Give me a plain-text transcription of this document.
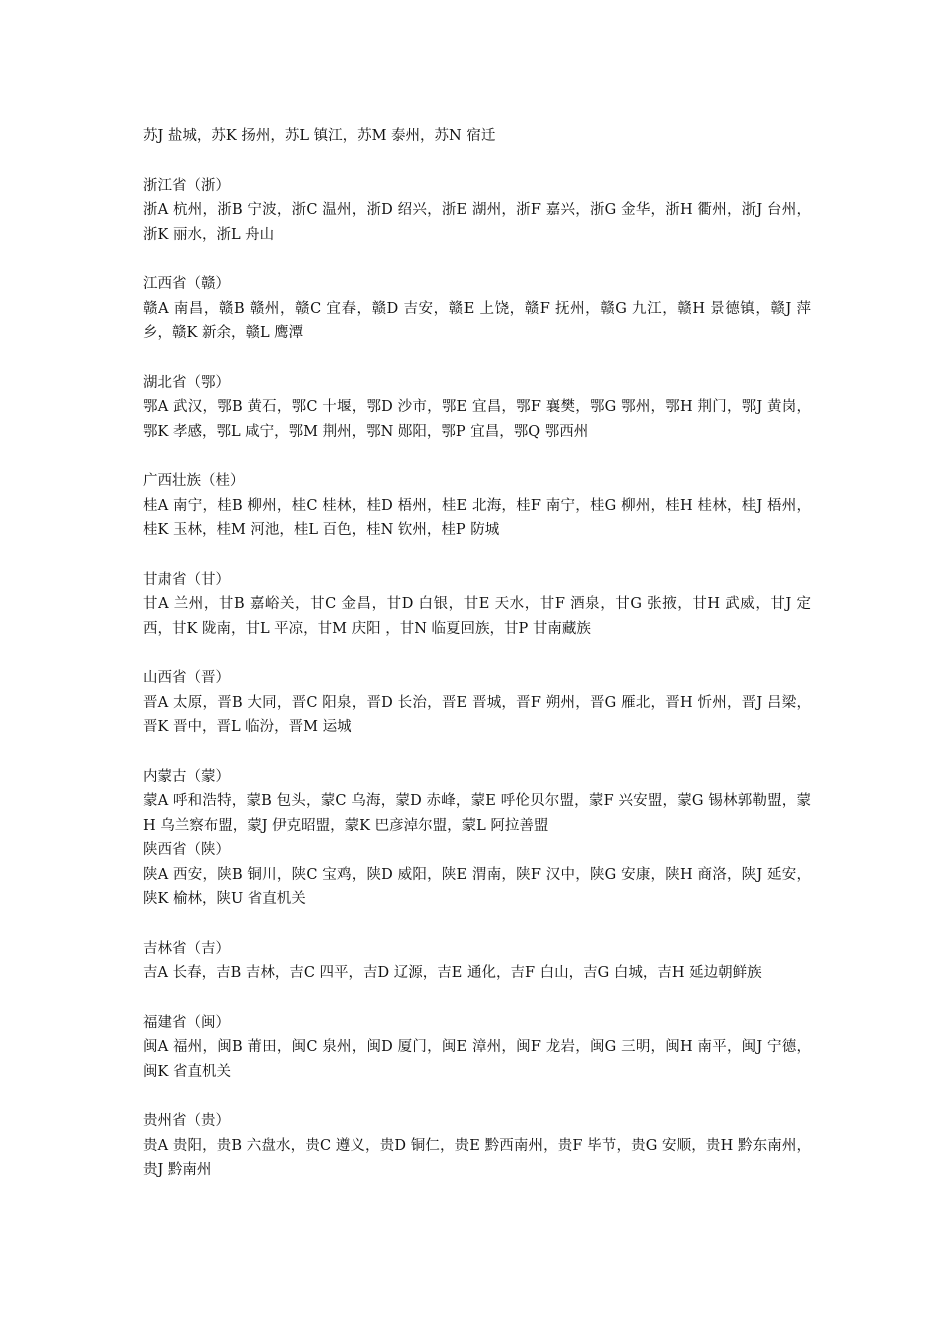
苏J 盐城，苏K 扬州，苏L 镇江，苏M 泰州，苏N 宿迁

浙江省（浙）

浙A 杭州，浙B 宁波，浙C 温州，浙D 绍兴，浙E 湖州，浙F 嘉兴，浙G 金华，浙H 衢州，浙J 台州，浙K 丽水，浙L 舟山

江西省（赣）

赣A 南昌，赣B 赣州，赣C 宜春，赣D 吉安，赣E 上饶，赣F 抚州，赣G 九江，赣H 景德镇，赣J 萍乡，赣K 新余，赣L 鹰潭

湖北省（鄂）

鄂A 武汉，鄂B 黄石，鄂C 十堰，鄂D 沙市，鄂E 宜昌，鄂F 襄樊，鄂G 鄂州，鄂H 荆门，鄂J 黄岗，鄂K 孝感，鄂L 咸宁，鄂M 荆州，鄂N 郧阳，鄂P 宜昌，鄂Q 鄂西州

广西壮族（桂）

桂A 南宁，桂B 柳州，桂C 桂林，桂D 梧州，桂E 北海，桂F 南宁，桂G 柳州，桂H 桂林，桂J 梧州，桂K 玉林，桂M 河池，桂L 百色，桂N 钦州，桂P 防城

甘肃省（甘）

甘A 兰州，甘B 嘉峪关，甘C 金昌，甘D 白银，甘E 天水，甘F 酒泉，甘G 张掖，甘H 武威，甘J 定西，甘K 陇南，甘L 平凉，甘M 庆阳 ，甘N 临夏回族，甘P 甘南藏族

山西省（晋）

晋A 太原，晋B 大同，晋C 阳泉，晋D 长治，晋E 晋城，晋F 朔州，晋G 雁北，晋H 忻州，晋J 吕梁，晋K 晋中，晋L 临汾，晋M 运城

内蒙古（蒙）

蒙A 呼和浩特，蒙B 包头，蒙C 乌海，蒙D 赤峰，蒙E 呼伦贝尔盟，蒙F 兴安盟，蒙G 锡林郭勒盟，蒙H 乌兰察布盟，蒙J 伊克昭盟，蒙K 巴彦淖尔盟，蒙L 阿拉善盟

陕西省（陕）

陕A 西安，陕B 铜川，陕C 宝鸡，陕D 威阳，陕E 渭南，陕F 汉中，陕G 安康，陕H 商洛，陕J 延安，陕K 榆林，陕U 省直机关

吉林省（吉）

吉A 长春，吉B 吉林，吉C 四平，吉D 辽源，吉E 通化，吉F 白山，吉G 白城，吉H 延边朝鲜族

福建省（闽）

闽A 福州，闽B 莆田，闽C 泉州，闽D 厦门，闽E 漳州，闽F 龙岩，闽G 三明，闽H 南平，闽J 宁德，闽K 省直机关

贵州省（贵）

贵A 贵阳，贵B 六盘水，贵C 遵义，贵D 铜仁，贵E 黔西南州，贵F 毕节，贵G 安顺，贵H 黔东南州，贵J 黔南州
